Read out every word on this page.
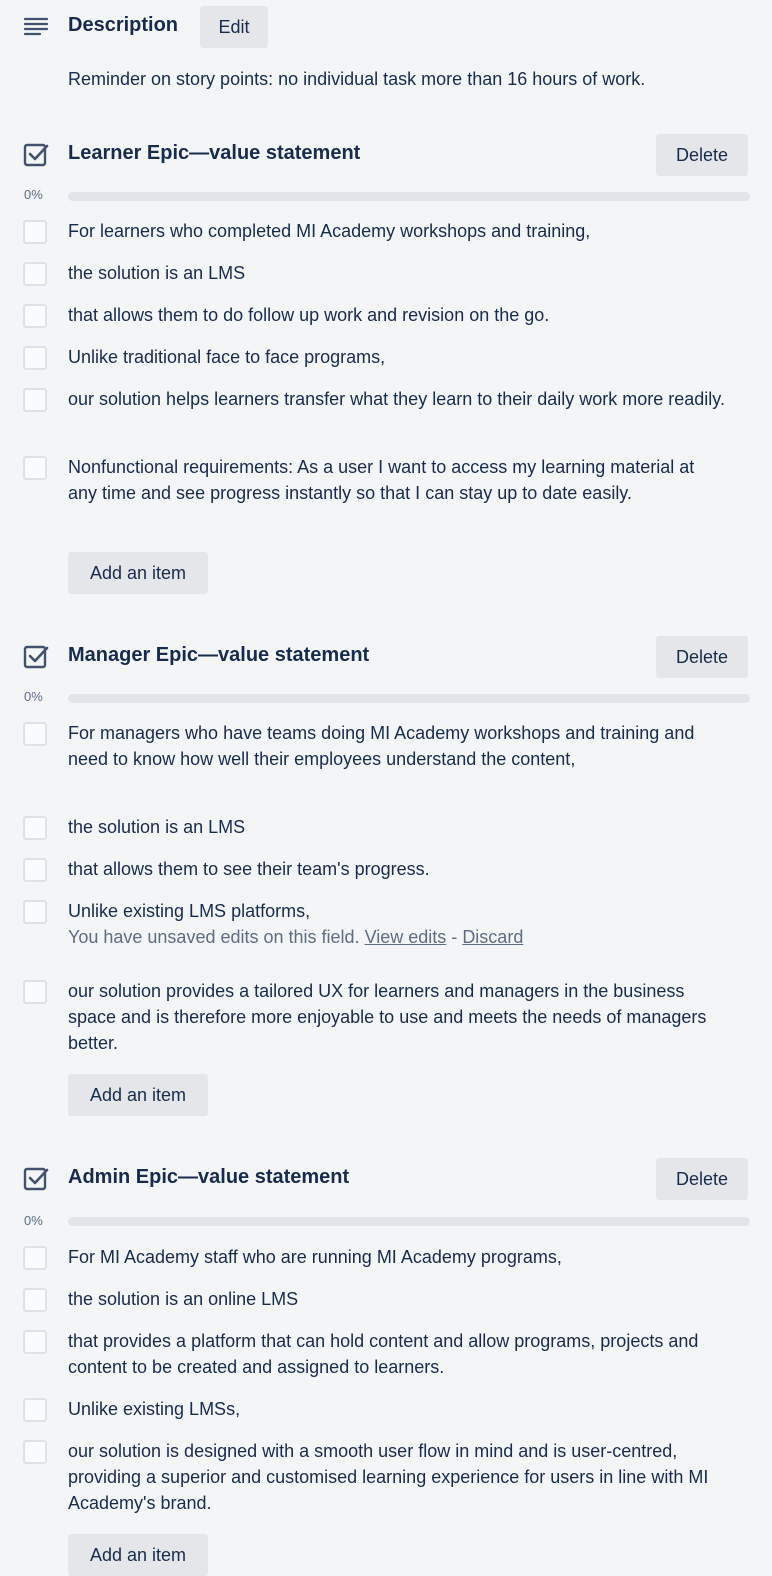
Description	Edit
Reminder on story points: no individual task more than 16 hours of work.
Learner Epic—value statement	Delete
0%
For learners who completed MI Academy workshops and training,
the solution is an LMS
that allows them to do follow up work and revision on the go.
Unlike traditional face to face programs,
our solution helps learners transfer what they learn to their daily work more readily.
Nonfunctional requirements: As a user I want to access my learning material at any time and see progress instantly so that I can stay up to date easily.
Add an item
Manager Epic—value statement	Delete
0%
For managers who have teams doing MI Academy workshops and training and need to know how well their employees understand the content,
the solution is an LMS
that allows them to see their team's progress.
Unlike existing LMS platforms,
You have unsaved edits on this field. View edits - Discard
our solution provides a tailored UX for learners and managers in the business space and is therefore more enjoyable to use and meets the needs of managers better.
Add an item
Admin Epic—value statement	Delete
0%
For MI Academy staff who are running MI Academy programs,
the solution is an online LMS
that provides a platform that can hold content and allow programs, projects and content to be created and assigned to learners.
Unlike existing LMSs,
our solution is designed with a smooth user flow in mind and is user-centred, providing a superior and customised learning experience for users in line with MI Academy's brand.
Add an item
